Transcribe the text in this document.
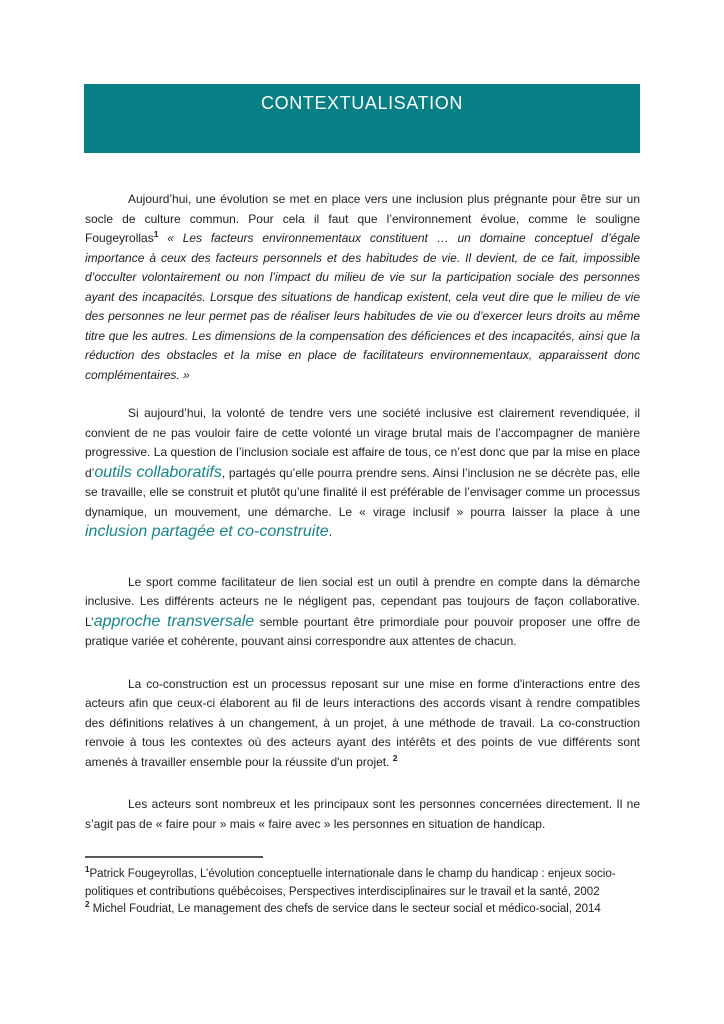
CONTEXTUALISATION

Aujourd’hui, une évolution se met en place vers une inclusion plus prégnante pour être sur un socle de culture commun. Pour cela il faut que l’environnement évolue, comme le souligne Fougeyrollas$^1$ « Les facteurs environnementaux constituent … un domaine conceptuel d’égale importance à ceux des facteurs personnels et des habitudes de vie. Il devient, de ce fait, impossible d’occulter volontairement ou non l’impact du milieu de vie sur la participation sociale des personnes ayant des incapacités. Lorsque des situations de handicap existent, cela veut dire que le milieu de vie des personnes ne leur permet pas de réaliser leurs habitudes de vie ou d’exercer leurs droits au même titre que les autres. Les dimensions de la compensation des déficiences et des incapacités, ainsi que la réduction des obstacles et la mise en place de facilitateurs environnementaux, apparaissent donc complémentaires. »

Si aujourd’hui, la volonté de tendre vers une société inclusive est clairement revendiquée, il convient de ne pas vouloir faire de cette volonté un virage brutal mais de l’accompagner de manière progressive. La question de l’inclusion sociale est affaire de tous, ce n’est donc que par la mise en place d’outils collaboratifs, partagés qu’elle pourra prendre sens. Ainsi l’inclusion ne se décrète pas, elle se travaille, elle se construit et plutôt qu’une finalité il est préférable de l’envisager comme un processus dynamique, un mouvement, une démarche. Le « virage inclusif » pourra laisser la place à une inclusion partagée et co-construite.

Le sport comme facilitateur de lien social est un outil à prendre en compte dans la démarche inclusive. Les différents acteurs ne le négligent pas, cependant pas toujours de façon collaborative. L’approche transversale semble pourtant être primordiale pour pouvoir proposer une offre de pratique variée et cohérente, pouvant ainsi correspondre aux attentes de chacun.

La co-construction est un processus reposant sur une mise en forme d'interactions entre des acteurs afin que ceux-ci élaborent au fil de leurs interactions des accords visant à rendre compatibles des définitions relatives à un changement, à un projet, à une méthode de travail. La co-construction renvoie à tous les contextes où des acteurs ayant des intérêts et des points de vue différents sont amenés à travailler ensemble pour la réussite d'un projet. $^2$

Les acteurs sont nombreux et les principaux sont les personnes concernées directement. Il ne s’agit pas de « faire pour » mais « faire avec » les personnes en situation de handicap.

$^1$Patrick Fougeyrollas, L’évolution conceptuelle internationale dans le champ du handicap : enjeux socio-politiques et contributions québécoises, Perspectives interdisciplinaires sur le travail et la santé, 2002

$^2$ Michel Foudriat, Le management des chefs de service dans le secteur social et médico-social, 2014
